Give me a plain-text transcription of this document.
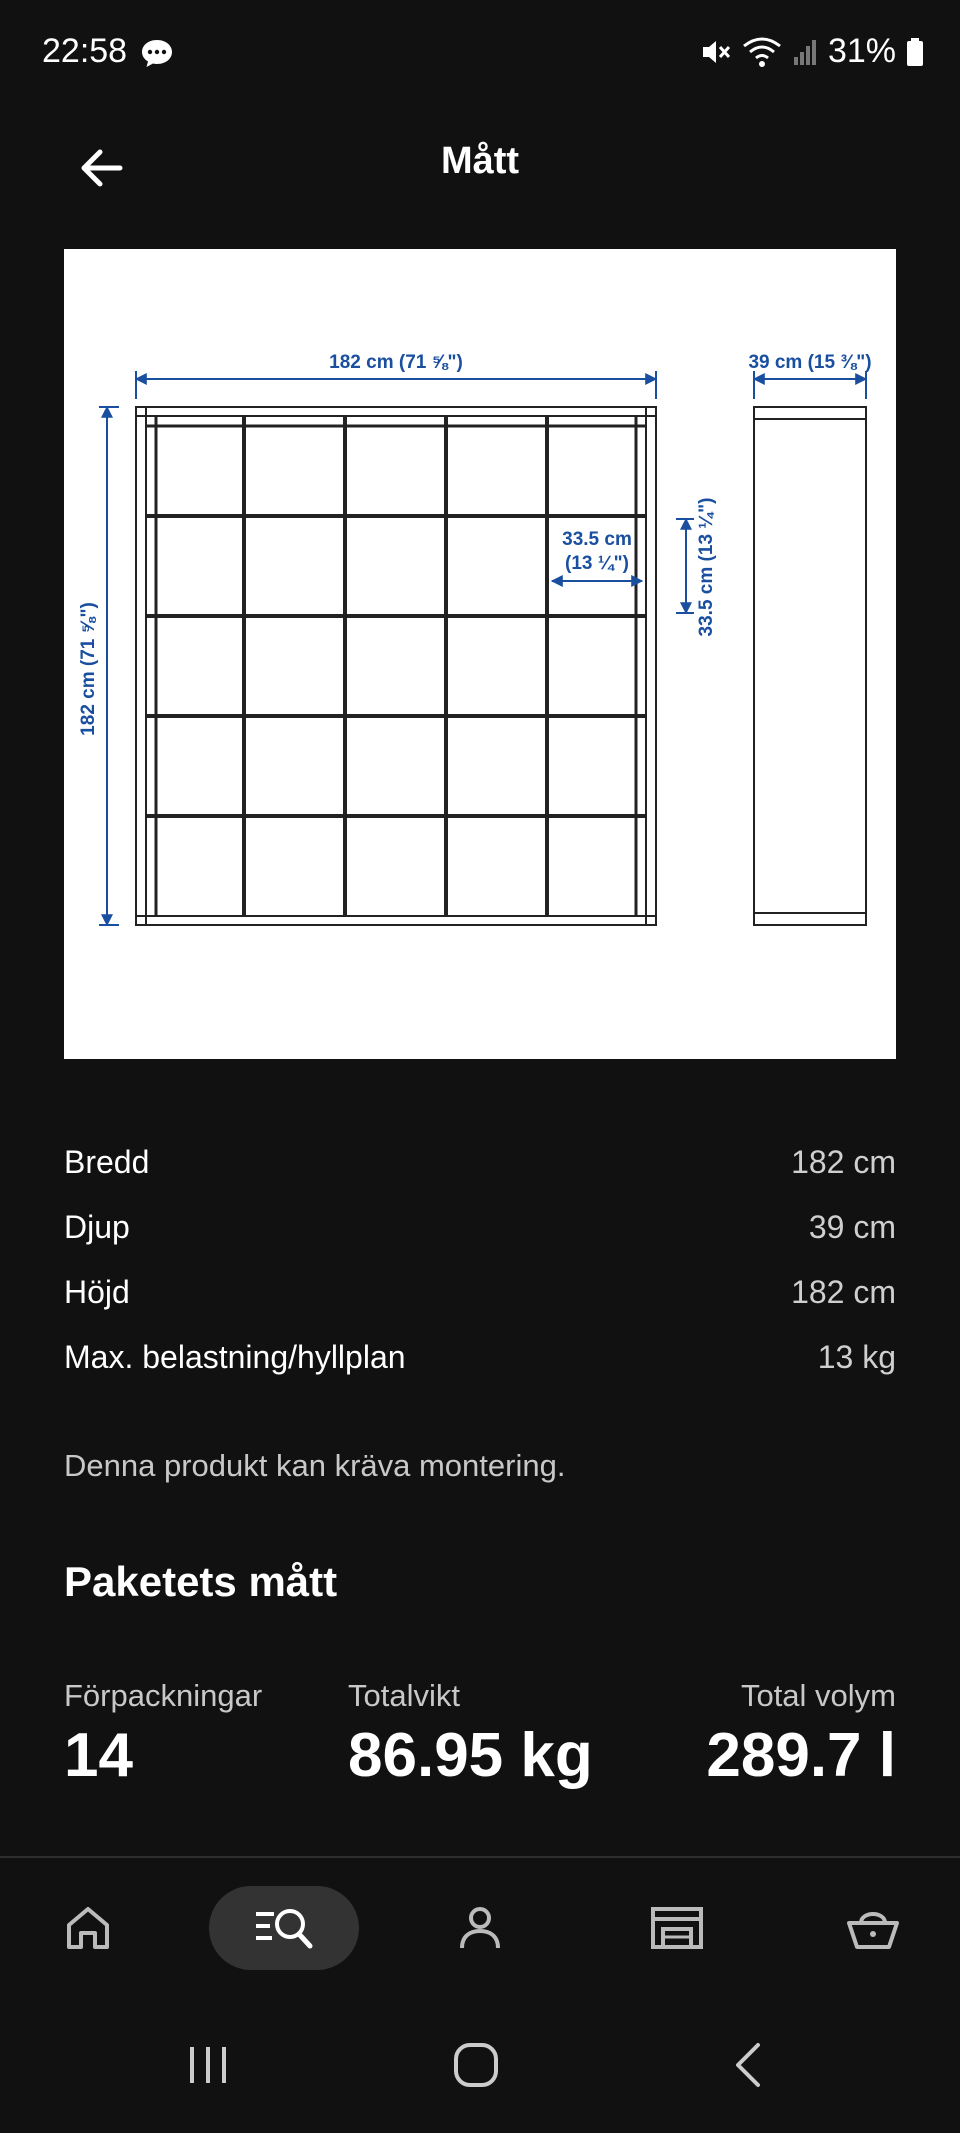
22:58	31%
Mått
182 cm (71 ⅝")	39 cm (15 ⅜")
33.5 cm
(13 ¼")
182 cm (71 ⅝")
33.5 cm (13 ¼")
Bredd	182 cm
Djup	39 cm
Höjd	182 cm
Max. belastning/hyllplan	13 kg
Denna produkt kan kräva montering.
Paketets mått
Förpackningar
14
Totalvikt
86.95 kg
Total volym
289.7 l
